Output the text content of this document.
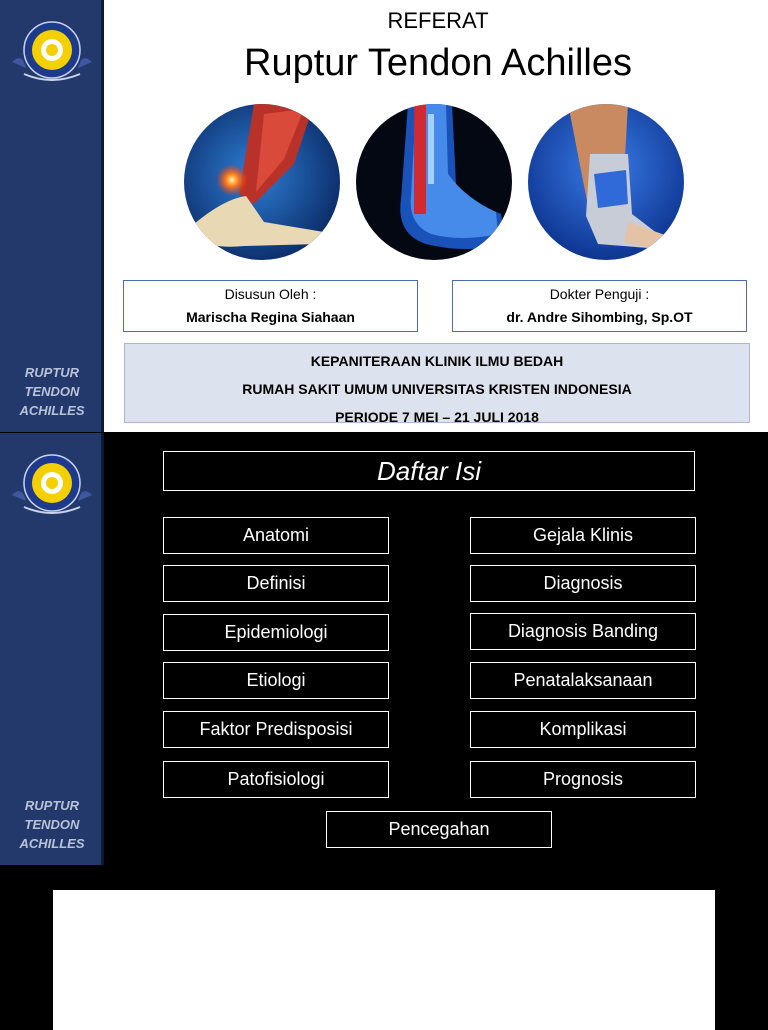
RUPTUR
TENDON
ACHILLES
REFERAT
Ruptur Tendon Achilles
Disusun Oleh :
Marischa Regina Siahaan
Dokter Penguji :
dr. Andre Sihombing, Sp.OT
KEPANITERAAN KLINIK ILMU BEDAH
RUMAH SAKIT UMUM UNIVERSITAS KRISTEN INDONESIA
PERIODE 7 MEI – 21 JULI 2018
RUPTUR
TENDON
ACHILLES
Daftar Isi
Anatomi
Definisi
Epidemiologi
Etiologi
Faktor Predisposisi
Patofisiologi
Gejala Klinis
Diagnosis
Diagnosis Banding
Penatalaksanaan
Komplikasi
Prognosis
Pencegahan
